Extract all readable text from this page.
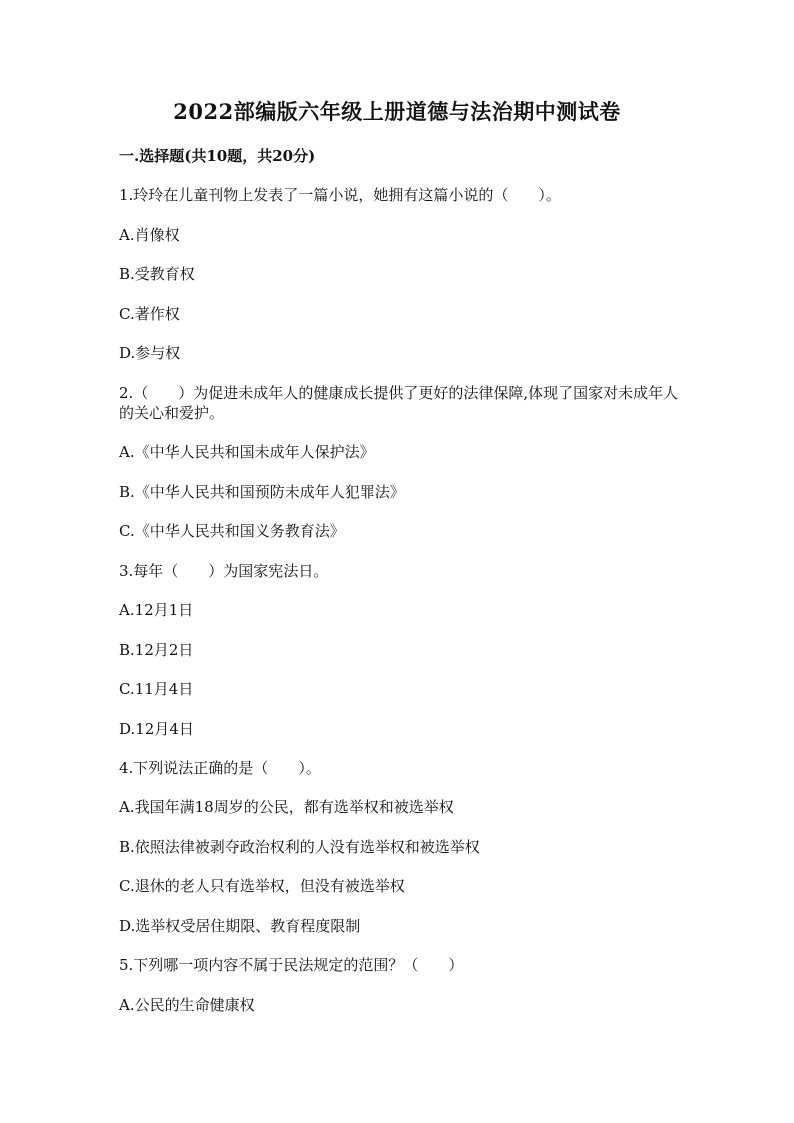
2022部编版六年级上册道德与法治期中测试卷
一.选择题(共10题，共20分)
1.玲玲在儿童刊物上发表了一篇小说，她拥有这篇小说的（　　）。
A.肖像权
B.受教育权
C.著作权
D.参与权
2.（　　）为促进未成年人的健康成长提供了更好的法律保障,体现了国家对未成年人的关心和爱护。
A.《中华人民共和国未成年人保护法》
B.《中华人民共和国预防未成年人犯罪法》
C.《中华人民共和国义务教育法》
3.每年（　　）为国家宪法日。
A.12月1日
B.12月2日
C.11月4日
D.12月4日
4.下列说法正确的是（　　）。
A.我国年满18周岁的公民，都有选举权和被选举权
B.依照法律被剥夺政治权利的人没有选举权和被选举权
C.退休的老人只有选举权，但没有被选举权
D.选举权受居住期限、教育程度限制
5.下列哪一项内容不属于民法规定的范围？（　　）
A.公民的生命健康权
